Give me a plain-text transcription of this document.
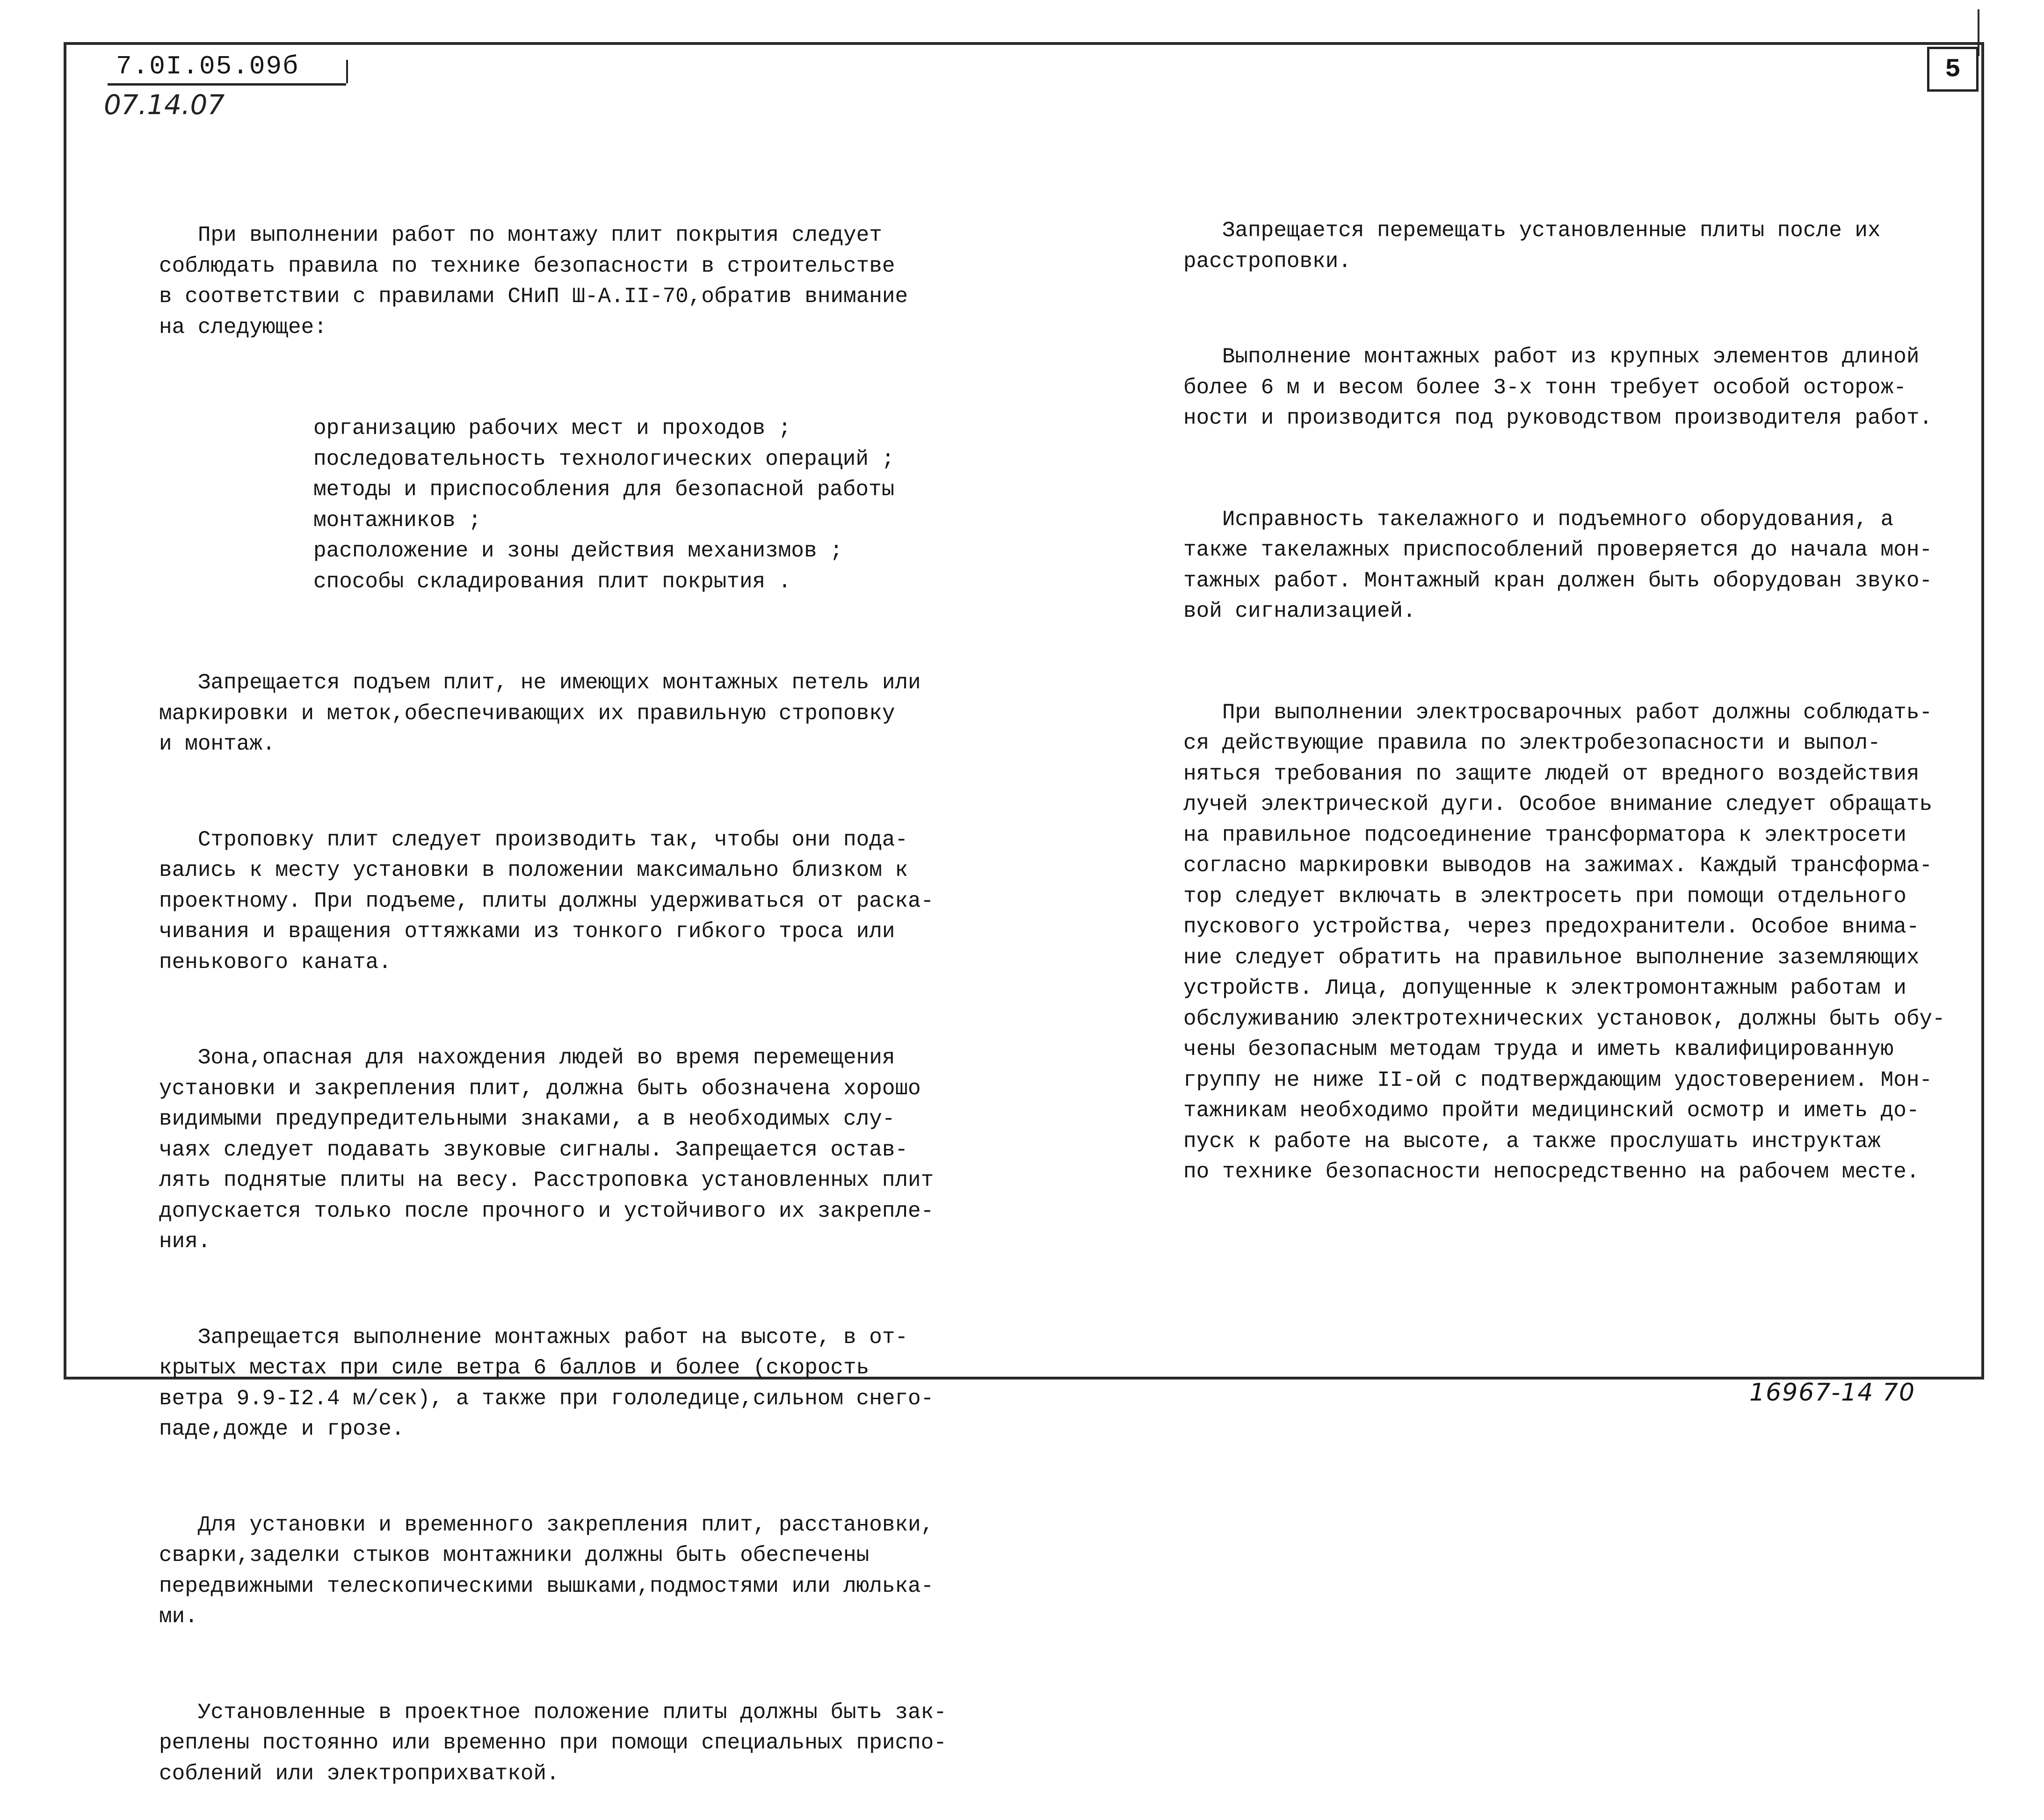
7.0I.05.09б
07.14.07
5

При выполнении работ по монтажу плит покрытия следует
соблюдать правила по технике безопасности в строительстве
в соответствии с правилами СНиП Ш-А.II-70,обратив внимание
на следующее:

организацию рабочих мест и проходов ;
последовательность технологических операций ;
методы и приспособления для безопасной работы
монтажников ;
расположение и зоны действия механизмов ;
способы складирования плит покрытия .

Запрещается подъем плит, не имеющих монтажных петель или
маркировки и меток,обеспечивающих их правильную строповку
и монтаж.

Строповку плит следует производить так, чтобы они пода-
вались к месту установки в положении максимально близком к
проектному. При подъеме, плиты должны удерживаться от раска-
чивания и вращения оттяжками из тонкого гибкого троса или
пенькового каната.

Зона,опасная для нахождения людей во время перемещения
установки и закрепления плит, должна быть обозначена хорошо
видимыми предупредительными знаками, а в необходимых слу-
чаях следует подавать звуковые сигналы. Запрещается остав-
лять поднятые плиты на весу. Расстроповка установленных плит
допускается только после прочного и устойчивого их закрепле-
ния.

Запрещается выполнение монтажных работ на высоте, в от-
крытых местах при силе ветра 6 баллов и более (скорость
ветра 9.9-I2.4 м/сек), а также при гололедице,сильном снего-
паде,дожде и грозе.

Для установки и временного закрепления плит, расстановки,
сварки,заделки стыков монтажники должны быть обеспечены
передвижными телескопическими вышками,подмостями или люлька-
ми.

Установленные в проектное положение плиты должны быть зак-
реплены постоянно или временно при помощи специальных приспо-
соблений или электроприхваткой.

Запрещается перемещать установленные плиты после их
расстроповки.

Выполнение монтажных работ из крупных элементов длиной
более 6 м и весом более 3-х тонн требует особой осторож-
ности и производится под руководством производителя работ.

Исправность такелажного и подъемного оборудования, а
также такелажных приспособлений проверяется до начала мон-
тажных работ. Монтажный кран должен быть оборудован звуко-
вой сигнализацией.

При выполнении электросварочных работ должны соблюдать-
ся действующие правила по электробезопасности и выпол-
няться требования по защите людей от вредного воздействия
лучей электрической дуги. Особое внимание следует обращать
на правильное подсоединение трансформатора к электросети
согласно маркировки выводов на зажимах. Каждый трансформа-
тор следует включать в электросеть при помощи отдельного
пускового устройства, через предохранители. Особое внима-
ние следует обратить на правильное выполнение заземляющих
устройств. Лица, допущенные к электромонтажным работам и
обслуживанию электротехнических установок, должны быть обу-
чены безопасным методам труда и иметь квалифицированную
группу не ниже II-ой с подтверждающим удостоверением. Мон-
тажникам необходимо пройти медицинский осмотр и иметь до-
пуск к работе на высоте, а также прослушать инструктаж
по технике безопасности непосредственно на рабочем месте.

16967-14 70
